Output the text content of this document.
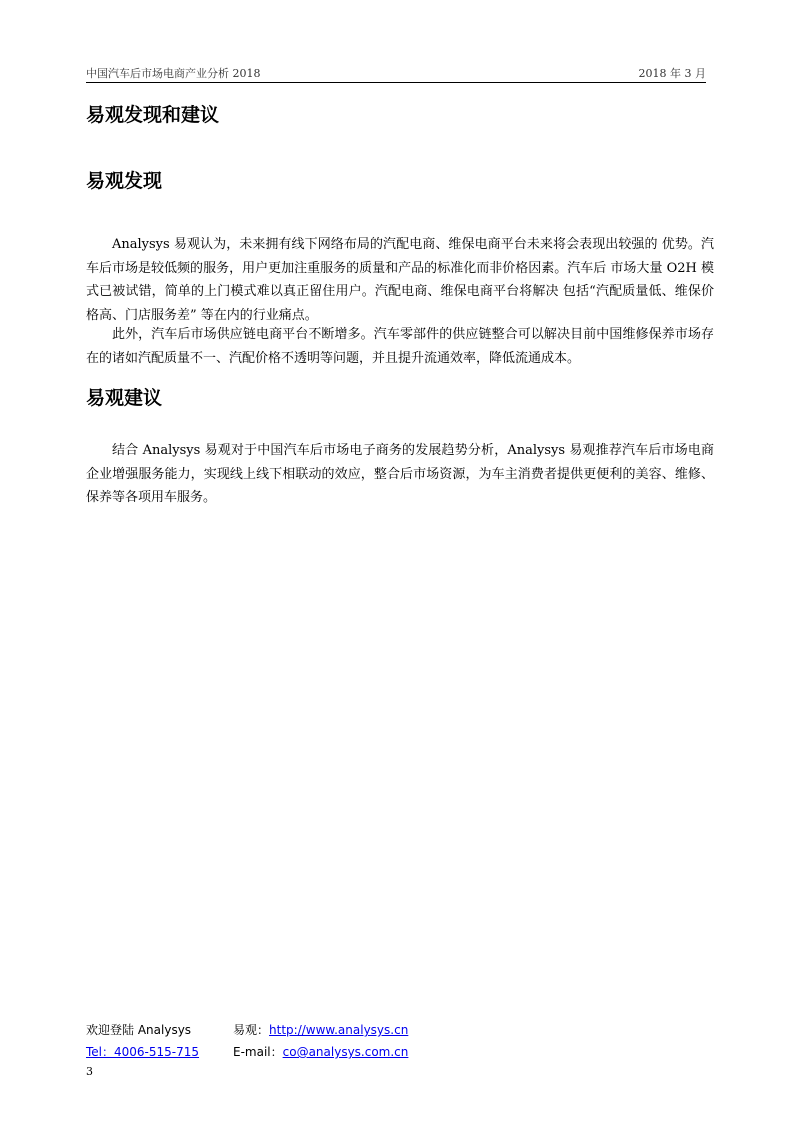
中国汽车后市场电商产业分析 2018	2018 年 3 月
易观发现和建议
易观发现

Analysys 易观认为，未来拥有线下网络布局的汽配电商、维保电商平台未来将会表现出较强的 优势。汽车后市场是较低频的服务，用户更加注重服务的质量和产品的标准化而非价格因素。汽车后 市场大量 O2H 模式已被试错，简单的上门模式难以真正留住用户。汽配电商、维保电商平台将解决 包括“汽配质量低、维保价格高、门店服务差” 等在内的行业痛点。

此外，汽车后市场供应链电商平台不断增多。汽车零部件的供应链整合可以解决目前中国维修保养市场存在的诸如汽配质量不一、汽配价格不透明等问题，并且提升流通效率，降低流通成本。

易观建议

结合 Analysys 易观对于中国汽车后市场电子商务的发展趋势分析，Analysys 易观推荐汽车后市场电商企业增强服务能力，实现线上线下相联动的效应，整合后市场资源，为车主消费者提供更便利的美容、维修、保养等各项用车服务。

欢迎登陆 Analysys	易观：http://www.analysys.cn
Tel：4006-515-715	E-mail：co@analysys.com.cn
3
